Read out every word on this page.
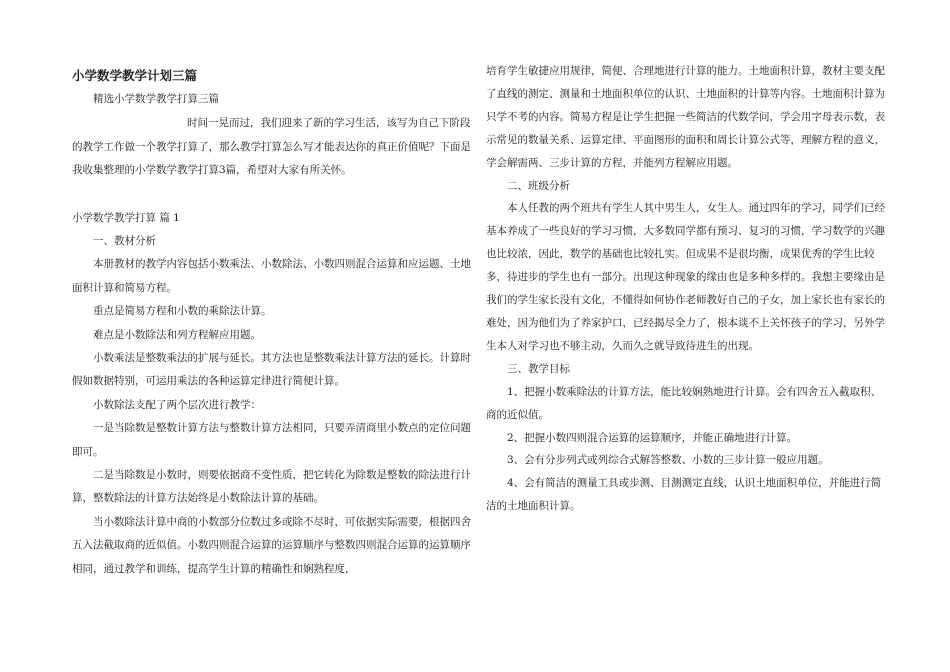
小学数学教学计划三篇

精选小学数学教学打算三篇

时间一晃而过，我们迎来了新的学习生活，该写为自己下阶段的教学工作做一个教学打算了，那么教学打算怎么写才能表达你的真正价值呢？下面是我收集整理的小学数学教学打算3篇，希望对大家有所关怀。

小学数学教学打算 篇 1

一、教材分析

本册教材的教学内容包括小数乘法、小数除法、小数四则混合运算和应运题、土地面积计算和简易方程。

重点是简易方程和小数的乘除法计算。

难点是小数除法和列方程解应用题。

小数乘法是整数乘法的扩展与延长。其方法也是整数乘法计算方法的延长。计算时假如数据特别，可运用乘法的各种运算定律进行简便计算。

小数除法支配了两个层次进行教学：

一是当除数是整数计算方法与整数计算方法相同，只要弄清商里小数点的定位问题即可。

二是当除数是小数时，则要依据商不变性质，把它转化为除数是整数的除法进行计算，整数除法的计算方法始终是小数除法计算的基础。

当小数除法计算中商的小数部分位数过多或除不尽时，可依据实际需要，根据四舍五入法截取商的近似值。小数四则混合运算的运算顺序与整数四则混合运算的运算顺序相同，通过教学和训练，提高学生计算的精确性和娴熟程度，

培育学生敏捷应用规律，简便、合理地进行计算的能力。土地面积计算，教材主要支配了直线的测定、测量和土地面积单位的认识、土地面积的计算等内容。土地面积计算为只学不考的内容。简易方程是让学生把握一些简洁的代数学问，学会用字母表示数，表示常见的数量关系、运算定律、平面图形的面积和周长计算公式等，理解方程的意义，学会解需两、三步计算的方程，并能列方程解应用题。

二、班级分析

本人任教的两个班共有学生人其中男生人，女生人。通过四年的学习，同学们已经基本养成了一些良好的学习习惯，大多数同学都有预习、复习的习惯，学习数学的兴趣也比较浓，因此，数学的基础也比较扎实。但成果不是很均衡，成果优秀的学生比较多，待进步的学生也有一部分。出现这种现象的缘由也是多种多样的。我想主要缘由是我们的学生家长没有文化，不懂得如何协作老师教好自己的子女，加上家长也有家长的难处，因为他们为了养家护口，已经揭尽全力了，根本谈不上关怀孩子的学习，另外学生本人对学习也不够主动，久而久之就导致待进生的出现。

三、教学目标

1、把握小数乘除法的计算方法，能比较娴熟地进行计算。会有四舍五入截取积、商的近似值。

2、把握小数四则混合运算的运算顺序，并能正确地进行计算。

3、会有分步列式或列综合式解答整数、小数的三步计算一般应用题。

4、会有简洁的测量工具或步测、目测测定直线，认识土地面积单位，并能进行简洁的土地面积计算。
